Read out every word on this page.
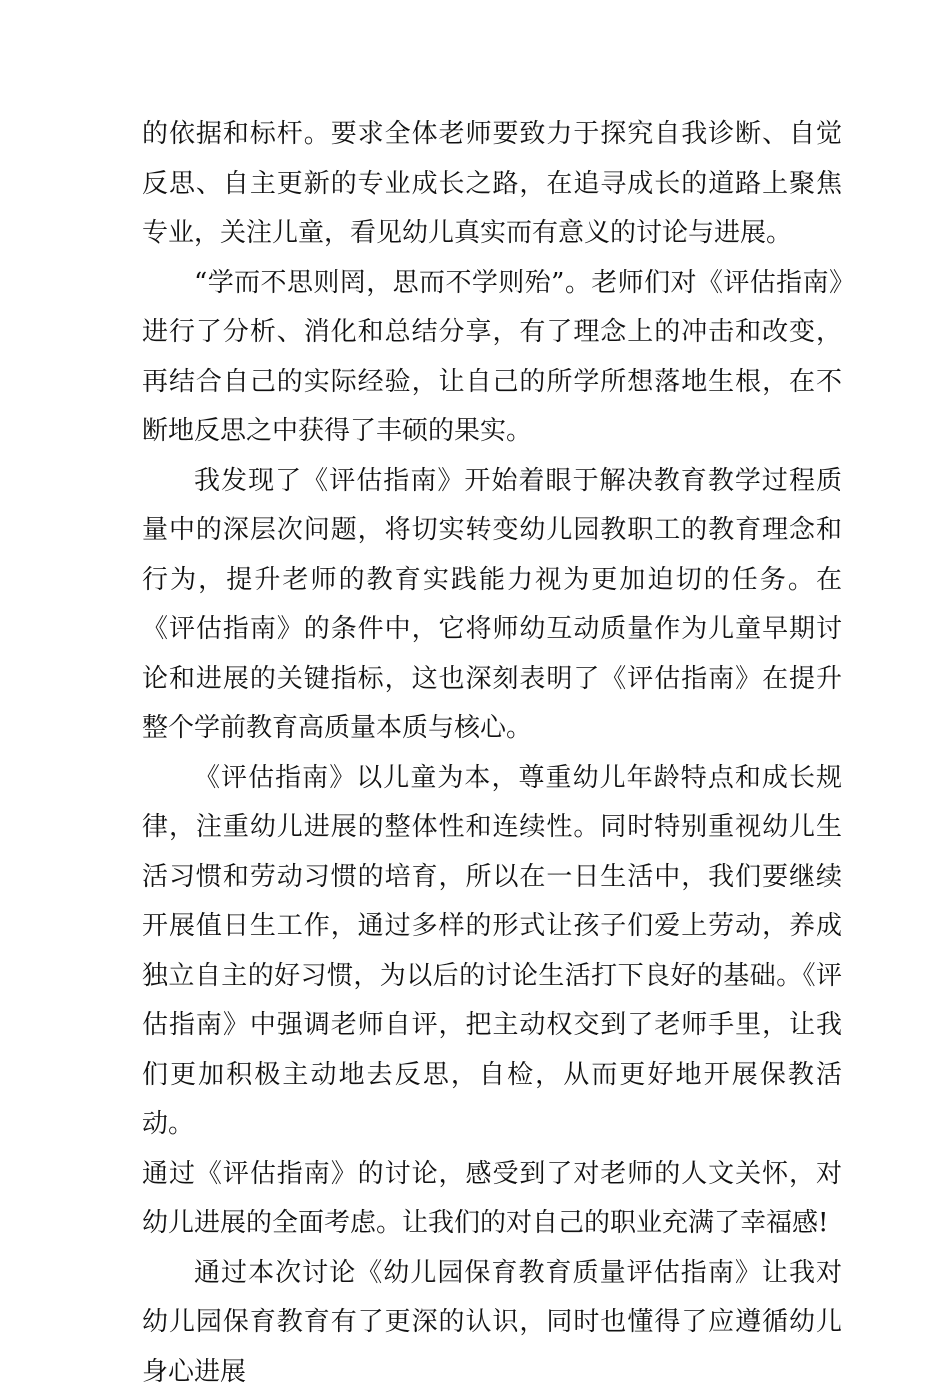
的依据和标杆。要求全体老师要致力于探究自我诊断、自觉反思、自主更新的专业成长之路，在追寻成长的道路上聚焦专业，关注儿童，看见幼儿真实而有意义的讨论与进展。

“学而不思则罔，思而不学则殆”。老师们对《评估指南》进行了分析、消化和总结分享，有了理念上的冲击和改变，再结合自己的实际经验，让自己的所学所想落地生根，在不断地反思之中获得了丰硕的果实。

我发现了《评估指南》开始着眼于解决教育教学过程质量中的深层次问题，将切实转变幼儿园教职工的教育理念和行为，提升老师的教育实践能力视为更加迫切的任务。在《评估指南》的条件中，它将师幼互动质量作为儿童早期讨论和进展的关键指标，这也深刻表明了《评估指南》在提升整个学前教育高质量本质与核心。

《评估指南》以儿童为本，尊重幼儿年龄特点和成长规律，注重幼儿进展的整体性和连续性。同时特别重视幼儿生活习惯和劳动习惯的培育，所以在一日生活中，我们要继续开展值日生工作，通过多样的形式让孩子们爱上劳动，养成独立自主的好习惯，为以后的讨论生活打下良好的基础。《评估指南》中强调老师自评，把主动权交到了老师手里，让我们更加积极主动地去反思，自检，从而更好地开展保教活动。

通过《评估指南》的讨论，感受到了对老师的人文关怀，对幼儿进展的全面考虑。让我们的对自己的职业充满了幸福感!

通过本次讨论《幼儿园保育教育质量评估指南》让我对幼儿园保育教育有了更深的认识，同时也懂得了应遵循幼儿身心进展
